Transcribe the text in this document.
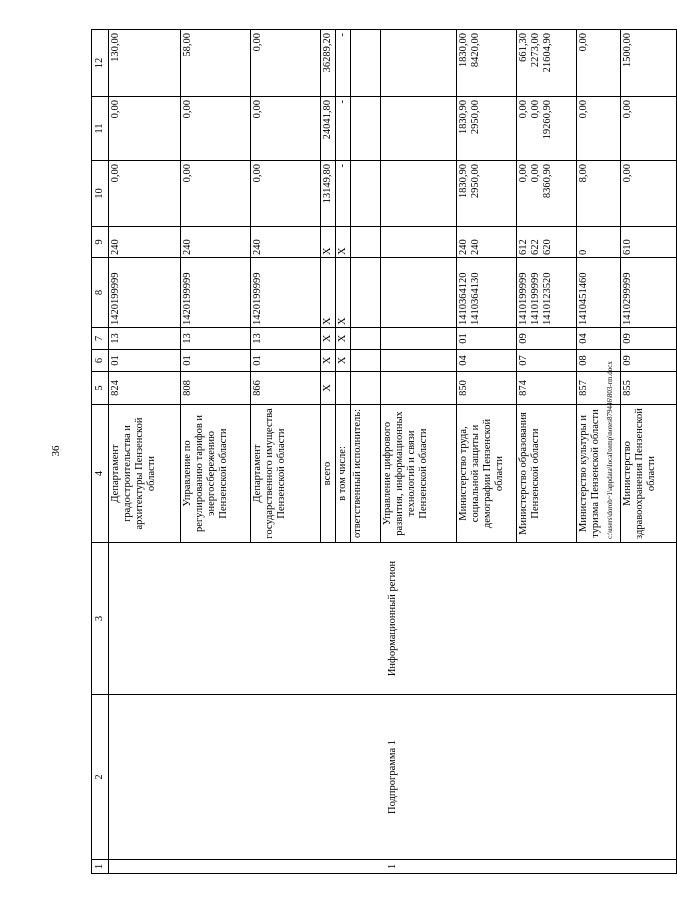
36	c:\users\dorob~1\appdata\local\temp\notes879446\803-rm.docx
1	2	3	4	5	6	7	8	9	10	11	12
1	Подпрограмма 1	Информационный регион	Департамент градостроительства и архитектуры Пензенской области	824	01	13	1420199999	240	0,00	0,00	130,00

			Управление по регулированию тарифов и энергосбережению Пензенской области	808	01	13	1420199999	240	0,00	0,00	58,00

			Департамент государственного имущества Пензенской области	866	01	13	1420199999	240	0,00	0,00	0,00

			всего	Х	Х	Х	Х	Х	13149,80	24041,80	36289,20

			в том числе:		Х	Х	Х	Х	-	-	-

			ответственный исполнитель:				

			Управление цифрового развития, информационных технологий и связи Пензенской области				

			Министерство труда, социальной защиты и демографии Пензенской области	850	04	01	1410364120 1410364130	240 240	1830,90 2950,00	1830,90 2950,00	1830,00 8420,00

			Министерство образования Пензенской области	874	07	09	1410199999 1410199999 1410123520	612 622 620	0,00 0,00 8360,90	0,00 0,00 19260,90	661,30 2273,00 21604,90

			Министерство культуры и туризма Пензенской области	857	08	04	1410451460	0	8,00	0,00	0,00

			Министерство здравоохранения Пензенской области	855	09	09	1410299999	610	0,00	0,00	1500,00
